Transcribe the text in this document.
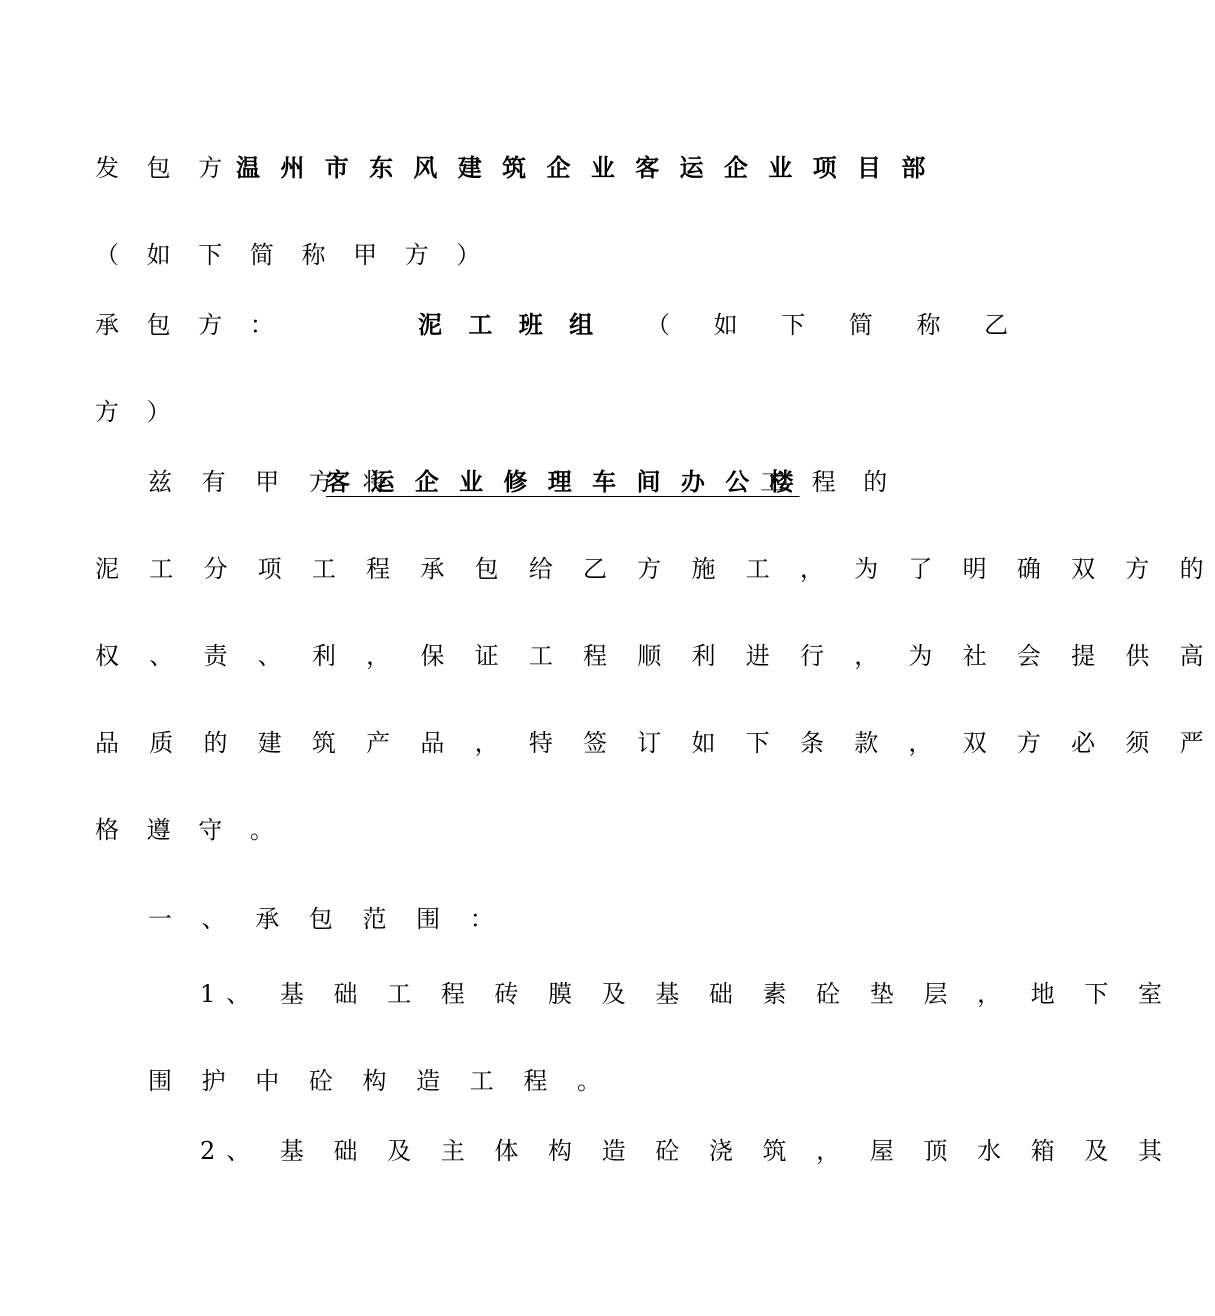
发 包 方 ：
温 州 市 东 风 建 筑 企 业 客 运 企 业 项 目 部
（ 如 下 简 称 甲 方 ）
承 包 方 ：	泥 工 班 组 （ 如 下 简 称 乙
方 ）
兹 有 甲 方 将
客 运 企 业 修 理 车 间 办 公 楼
工 程 的
泥 工 分 项 工 程 承 包 给 乙 方 施 工 ， 为 了 明 确 双 方 的
权 、 责 、 利 ， 保 证 工 程 顺 利 进 行 ， 为 社 会 提 供 高
品 质 的 建 筑 产 品 ， 特 签 订 如 下 条 款 ， 双 方 必 须 严
格 遵 守 。
一 、 承 包 范 围 ：
1、 基 础 工 程 砖 膜 及 基 础 素 砼 垫 层 ， 地 下 室
围 护 中 砼 构 造 工 程 。
2、 基 础 及 主 体 构 造 砼 浇 筑 ， 屋 顶 水 箱 及 其
